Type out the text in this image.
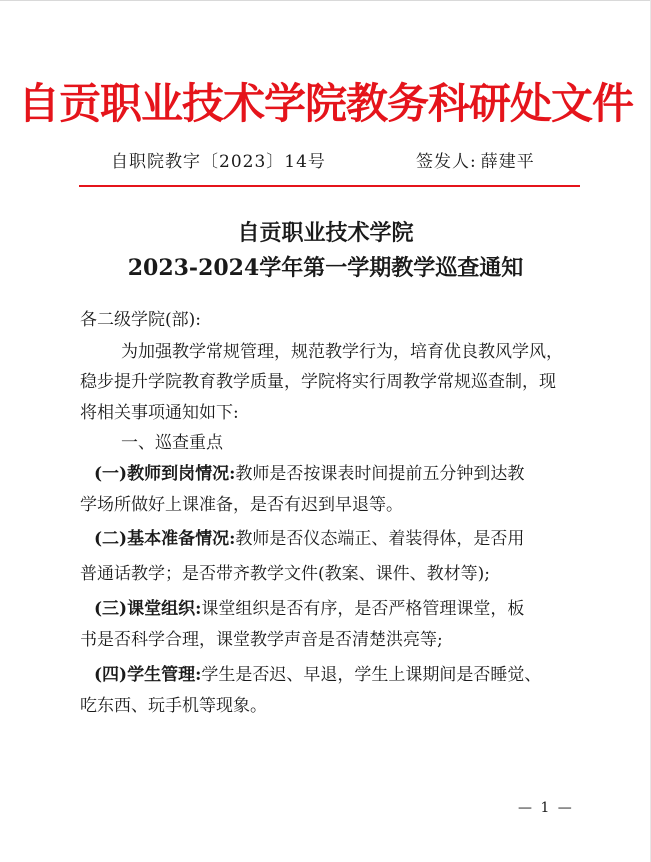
自贡职业技术学院教务科研处文件
自职院教字〔2023〕14号	签发人: 薛建平
自贡职业技术学院
2023-2024学年第一学期教学巡查通知
各二级学院(部):
为加强教学常规管理，规范教学行为，培育优良教风学风，
稳步提升学院教育教学质量，学院将实行周教学常规巡查制，现
将相关事项通知如下:
一、巡查重点
(一)教师到岗情况:教师是否按课表时间提前五分钟到达教
学场所做好上课准备，是否有迟到早退等。
(二)基本准备情况:教师是否仪态端正、着装得体，是否用
普通话教学；是否带齐教学文件(教案、课件、教材等);
(三)课堂组织:课堂组织是否有序，是否严格管理课堂，板
书是否科学合理，课堂教学声音是否清楚洪亮等;
(四)学生管理:学生是否迟、早退，学生上课期间是否睡觉、
吃东西、玩手机等现象。
— 1 —
